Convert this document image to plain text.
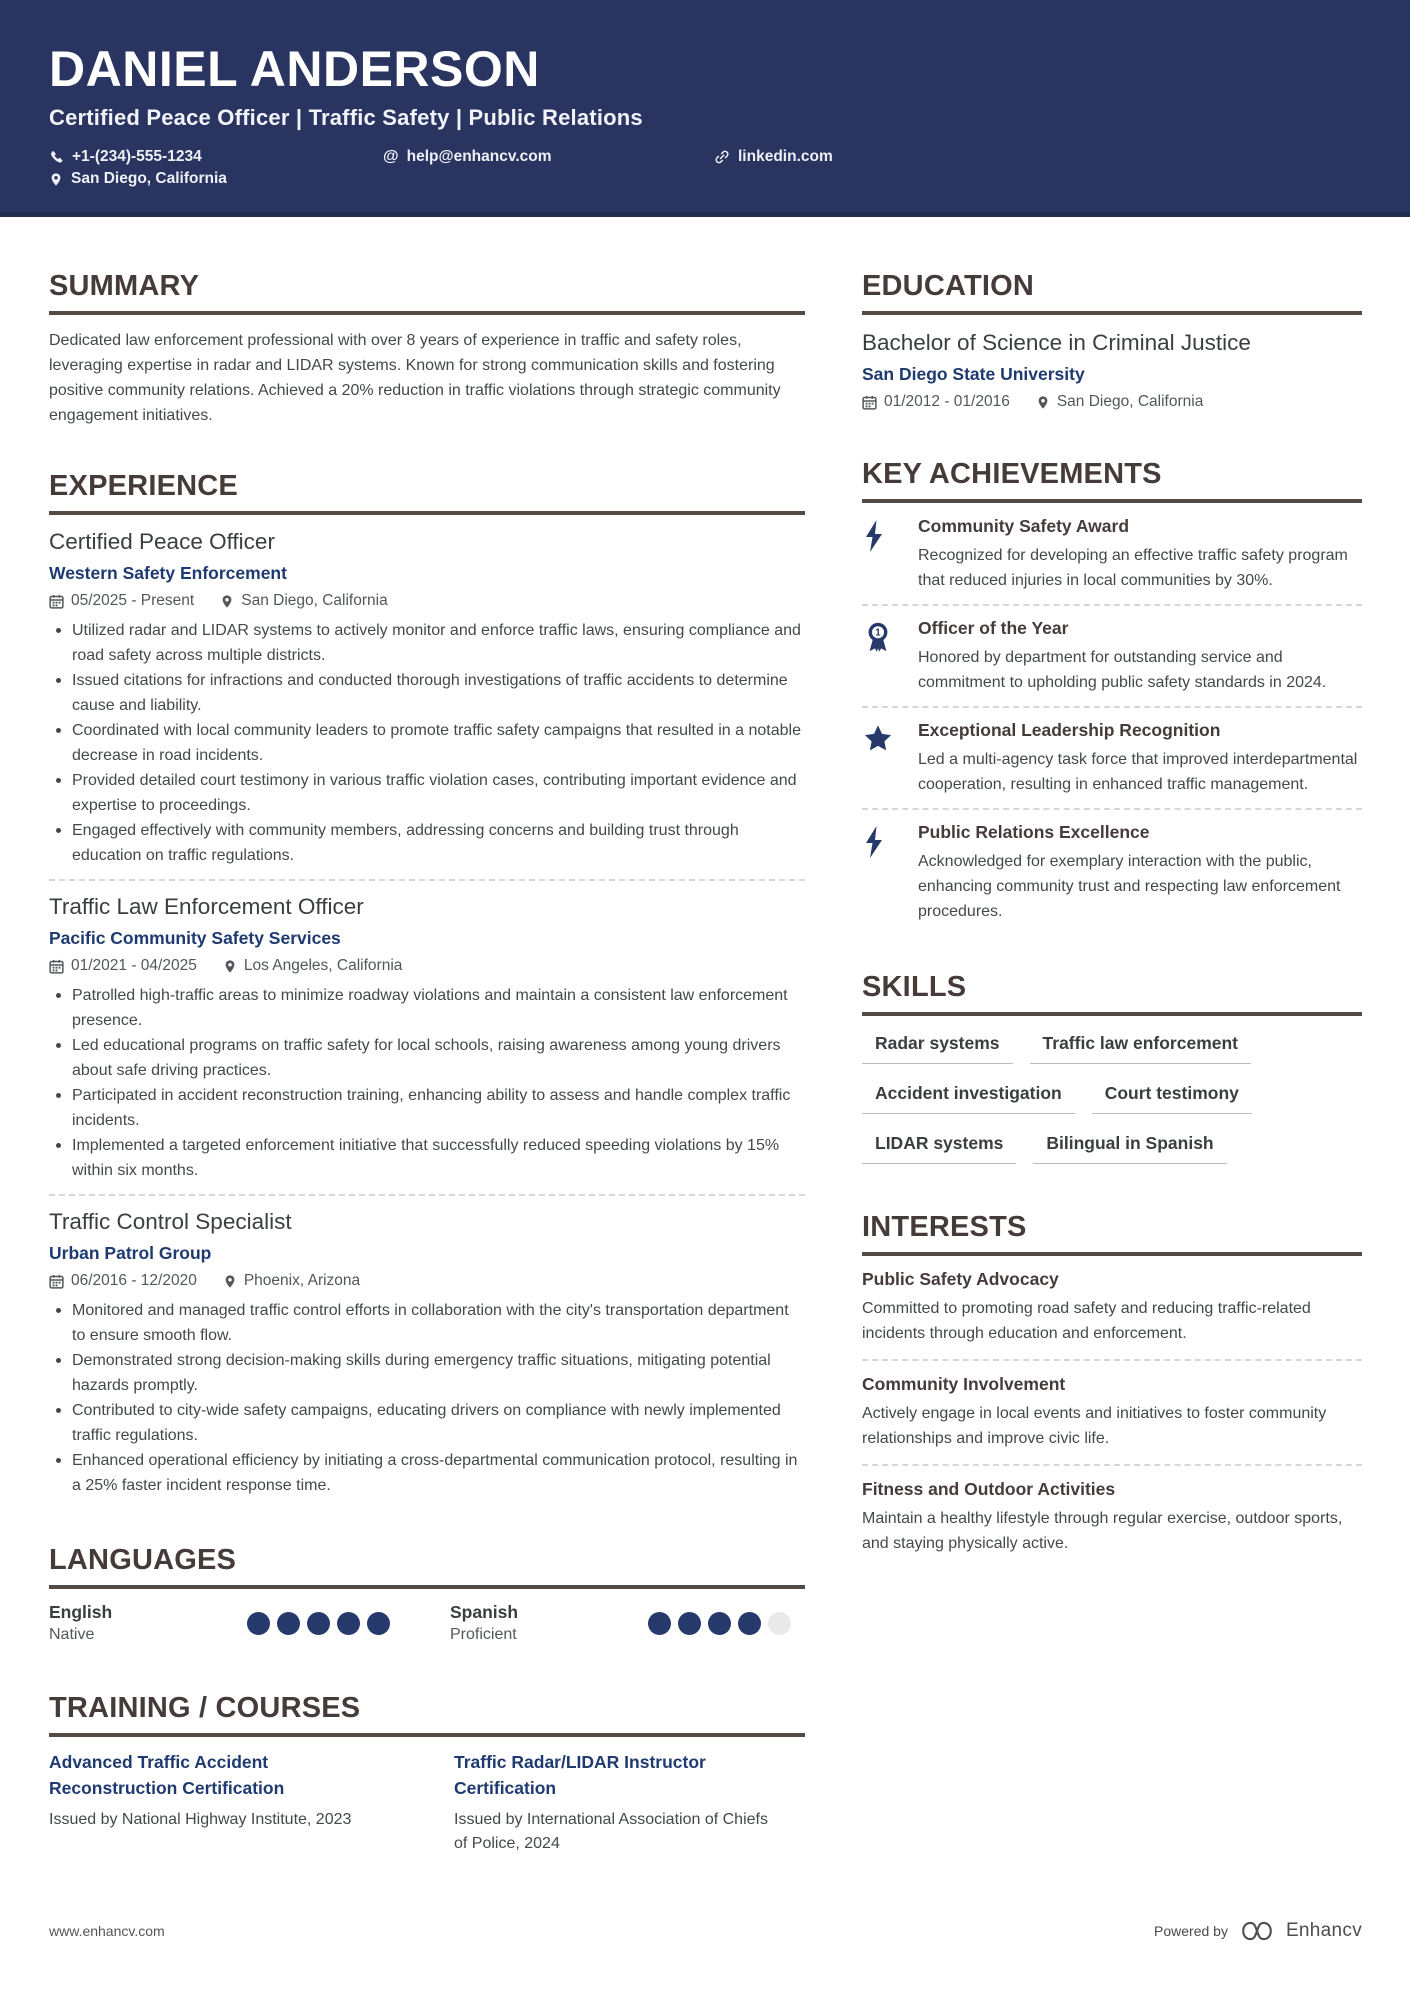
DANIEL ANDERSON
Certified Peace Officer | Traffic Safety | Public Relations
+1-(234)-555-1234	@ help@enhancv.com	linkedin.com
San Diego, California
SUMMARY

Dedicated law enforcement professional with over 8 years of experience in traffic and safety roles, leveraging expertise in radar and LIDAR systems. Known for strong communication skills and fostering positive community relations. Achieved a 20% reduction in traffic violations through strategic community engagement initiatives.

EXPERIENCE
Certified Peace Officer
Western Safety Enforcement
05/2025 - Present	San Diego, California
Utilized radar and LIDAR systems to actively monitor and enforce traffic laws, ensuring compliance and road safety across multiple districts.
Issued citations for infractions and conducted thorough investigations of traffic accidents to determine cause and liability.
Coordinated with local community leaders to promote traffic safety campaigns that resulted in a notable decrease in road incidents.
Provided detailed court testimony in various traffic violation cases, contributing important evidence and expertise to proceedings.
Engaged effectively with community members, addressing concerns and building trust through education on traffic regulations.
Traffic Law Enforcement Officer
Pacific Community Safety Services
01/2021 - 04/2025	Los Angeles, California
Patrolled high-traffic areas to minimize roadway violations and maintain a consistent law enforcement presence.
Led educational programs on traffic safety for local schools, raising awareness among young drivers about safe driving practices.
Participated in accident reconstruction training, enhancing ability to assess and handle complex traffic incidents.
Implemented a targeted enforcement initiative that successfully reduced speeding violations by 15% within six months.
Traffic Control Specialist
Urban Patrol Group
06/2016 - 12/2020	Phoenix, Arizona
Monitored and managed traffic control efforts in collaboration with the city's transportation department to ensure smooth flow.
Demonstrated strong decision-making skills during emergency traffic situations, mitigating potential hazards promptly.
Contributed to city-wide safety campaigns, educating drivers on compliance with newly implemented traffic regulations.
Enhanced operational efficiency by initiating a cross-departmental communication protocol, resulting in a 25% faster incident response time.
LANGUAGES
English
Native
Spanish
Proficient
TRAINING / COURSES
Advanced Traffic Accident Reconstruction Certification
Issued by National Highway Institute, 2023
Traffic Radar/LIDAR Instructor Certification
Issued by International Association of Chiefs of Police, 2024
EDUCATION
Bachelor of Science in Criminal Justice
San Diego State University
01/2012 - 01/2016	San Diego, California
KEY ACHIEVEMENTS
Community Safety Award
Recognized for developing an effective traffic safety program that reduced injuries in local communities by 30%.
1 Officer of the Year
Honored by department for outstanding service and commitment to upholding public safety standards in 2024.
Exceptional Leadership Recognition
Led a multi-agency task force that improved interdepartmental cooperation, resulting in enhanced traffic management.
Public Relations Excellence
Acknowledged for exemplary interaction with the public, enhancing community trust and respecting law enforcement procedures.
SKILLS
Radar systems	Traffic law enforcement
Accident investigation	Court testimony
LIDAR systems	Bilingual in Spanish
INTERESTS
Public Safety Advocacy
Committed to promoting road safety and reducing traffic-related incidents through education and enforcement.
Community Involvement
Actively engage in local events and initiatives to foster community relationships and improve civic life.
Fitness and Outdoor Activities
Maintain a healthy lifestyle through regular exercise, outdoor sports, and staying physically active.
www.enhancv.com	Powered by	Enhancv
